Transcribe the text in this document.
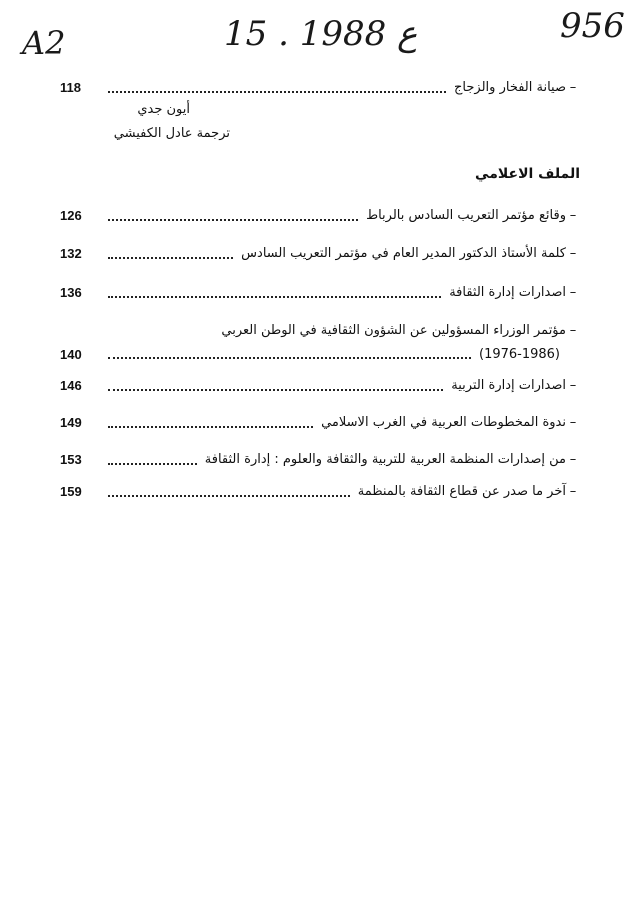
A2	15 . ع 1988	956
–
صيانة الفخار والزجاج
118
أيون جدي
ترجمة عادل الكفيشي
الملف الاعلامي
–
وقائع مؤتمر التعريب السادس بالرباط
126
–
كلمة الأستاذ الدكتور المدير العام في مؤتمر التعريب السادس
132
–
اصدارات إدارة الثقافة
136
–
مؤتمر الوزراء المسؤولين عن الشؤون الثقافية في الوطن العربي
(1976-1986)
140
–
اصدارات إدارة التربية
146
–
ندوة المخطوطات العربية في الغرب الاسلامي
149
–
من إصدارات المنظمة العربية للتربية والثقافة والعلوم : إدارة الثقافة
153
–
آخر ما صدر عن قطاع الثقافة بالمنظمة
159
